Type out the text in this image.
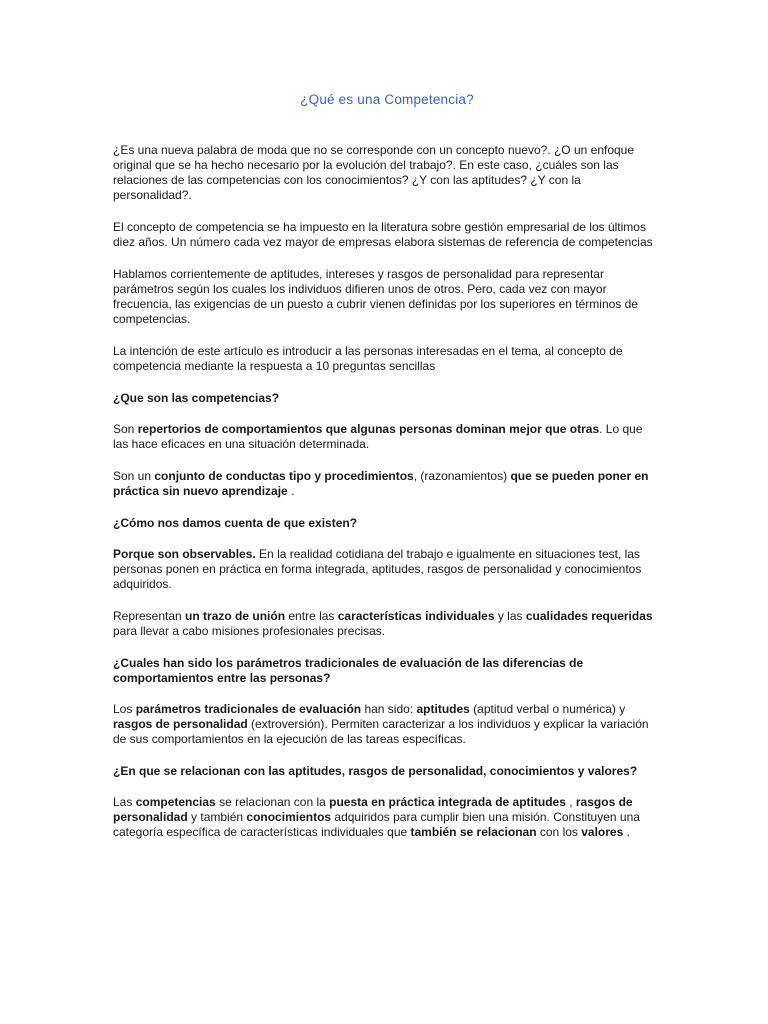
¿Qué es una Competencia?

¿Es una nueva palabra de moda que no se corresponde con un concepto nuevo?. ¿O un enfoque original que se ha hecho necesario por la evolución del trabajo?. En este caso, ¿cuáles son las relaciones de las competencias con los conocimientos? ¿Y con las aptitudes? ¿Y con la personalidad?.

El concepto de competencia se ha impuesto en la literatura sobre gestión empresarial de los últimos diez años. Un número cada vez mayor de empresas elabora sistemas de referencia de competencias

Hablamos corrientemente de aptitudes, intereses y rasgos de personalidad para representar parámetros según los cuales los individuos difieren unos de otros. Pero, cada vez con mayor frecuencia, las exigencias de un puesto a cubrir vienen definidas por los superiores en términos de competencias.

La intención de este artículo es introducir a las personas interesadas en el tema, al concepto de competencia mediante la respuesta a 10 preguntas sencillas

¿Que son las competencias?

Son repertorios de comportamientos que algunas personas dominan mejor que otras. Lo que las hace eficaces en una situación determinada.

Son un conjunto de conductas tipo y procedimientos, (razonamientos) que se pueden poner en práctica sin nuevo aprendizaje .

¿Cómo nos damos cuenta de que existen?

Porque son observables. En la realidad cotidiana del trabajo e igualmente en situaciones test, las personas ponen en práctica en forma integrada, aptitudes, rasgos de personalidad y conocimientos adquiridos.

Representan un trazo de unión entre las características individuales y las cualidades requeridas para llevar a cabo misiones profesionales precisas.

¿Cuales han sido los parámetros tradicionales de evaluación de las diferencias de comportamientos entre las personas?

Los parámetros tradicionales de evaluación han sido: aptitudes (aptitud verbal o numérica) y rasgos de personalidad (extroversión). Permiten caracterizar a los individuos y explicar la variación de sus comportamientos en la ejecución de las tareas específicas.

¿En que se relacionan con las aptitudes, rasgos de personalidad, conocimientos y valores?

Las competencias se relacionan con la puesta en práctica integrada de aptitudes , rasgos de personalidad y también conocimientos adquiridos para cumplir bien una misión. Constituyen una categoría específica de características individuales que también se relacionan con los valores .
